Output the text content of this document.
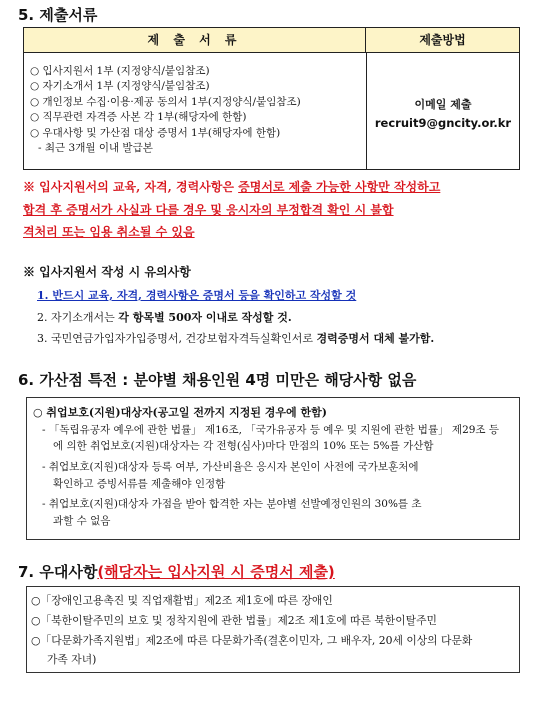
5. 제출서류
제 출 서 류	제출방법
○ 입사지원서 1부 (지정양식/붙임참조)
○ 자기소개서 1부 (지정양식/붙임참조)
○ 개인정보 수집·이용·제공 동의서 1부(지정양식/붙임참조)
○ 직무관련 자격증 사본 각 1부(해당자에 한함)
○ 우대사항 및 가산점 대상 증명서 1부(해당자에 한함)
- 최근 3개월 이내 발급본
이메일 제출
recruit9@gncity.or.kr
※ 입사지원서의 교육, 자격, 경력사항은 증명서로 제출 가능한 사항만 작성하고
합격 후 증명서가 사실과 다를 경우 및 응시자의 부정합격 확인 시 불합
격처리 또는 임용 취소될 수 있음
※ 입사지원서 작성 시 유의사항
1. 반드시 교육, 자격, 경력사항은 증명서 등을 확인하고 작성할 것
2. 자기소개서는 각 항목별 500자 이내로 작성할 것.
3. 국민연금가입자가입증명서, 건강보험자격득실확인서로 경력증명서 대체 불가함.
6. 가산점 특전 : 분야별 채용인원 4명 미만은 해당사항 없음
○ 취업보호(지원)대상자(공고일 전까지 지정된 경우에 한함)
- 「독립유공자 예우에 관한 법률」 제16조, 「국가유공자 등 예우 및 지원에 관한 법률」 제29조 등
에 의한 취업보호(지원)대상자는 각 전형(심사)마다 만점의 10% 또는 5%를 가산함
- 취업보호(지원)대상자 등록 여부, 가산비율은 응시자 본인이 사전에 국가보훈처에
확인하고 증빙서류를 제출해야 인정함
- 취업보호(지원)대상자 가점을 받아 합격한 자는 분야별 선발예정인원의 30%를 초
과할 수 없음
7. 우대사항(해당자는 입사지원 시 증명서 제출)
○「장애인고용촉진 및 직업재활법」제2조 제1호에 따른 장애인
○「북한이탈주민의 보호 및 정착지원에 관한 법률」제2조 제1호에 따른 북한이탈주민
○「다문화가족지원법」제2조에 따른 다문화가족(결혼이민자, 그 배우자, 20세 이상의 다문화
가족 자녀)
